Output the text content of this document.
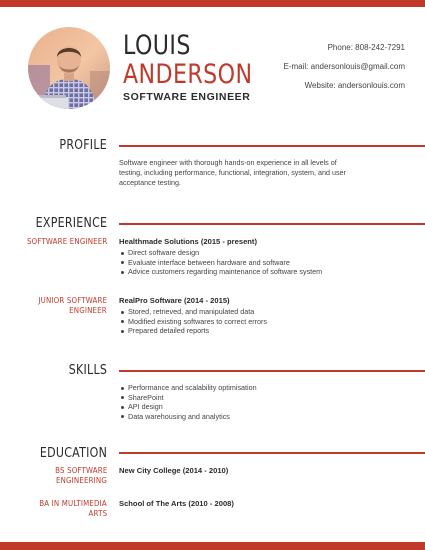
LOUIS
ANDERSON
SOFTWARE ENGINEER
Phone: 808-242-7291
E-mail: andersonlouis@gmail.com
Website: andersonlouis.com
PROFILE
Software engineer with thorough hands-on experience in all levels of testing, including performance, functional, integration, system, and user acceptance testing.
EXPERIENCE
SOFTWARE ENGINEER Healthmade Solutions (2015 - present)
Direct software design
Evaluate interface between hardware and software
Advice customers regarding maintenance of software system
JUNIOR SOFTWARE
ENGINEER
RealPro Software (2014 - 2015)
Stored, retrieved, and manipulated data
Modified existing softwares to correct errors
Prepared detailed reports
SKILLS
Performance and scalability optimisation
SharePoint
API design
Data warehousing and analytics
EDUCATION
BS SOFTWARE
ENGINEERING
New City College (2014 - 2010)
BA IN MULTIMEDIA
ARTS
School of The Arts (2010 - 2008)
